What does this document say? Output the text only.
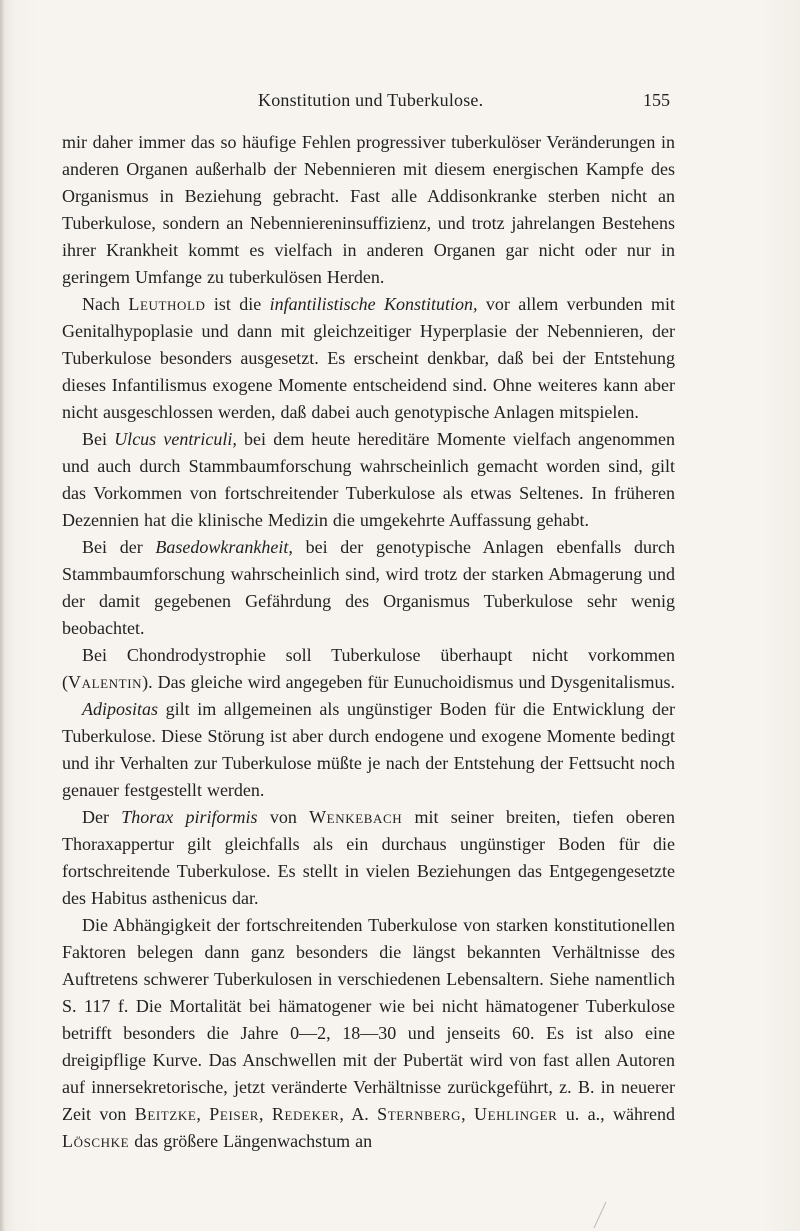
Konstitution und Tuberkulose.	155

mir daher immer das so häufige Fehlen progressiver tuberkulöser Veränderungen in anderen Organen außerhalb der Nebennieren mit diesem energischen Kampfe des Organismus in Beziehung gebracht. Fast alle Addisonkranke sterben nicht an Tuberkulose, sondern an Nebenniereninsuffizienz, und trotz jahrelangen Bestehens ihrer Krankheit kommt es vielfach in anderen Organen gar nicht oder nur in geringem Umfange zu tuberkulösen Herden.

Nach Leuthold ist die infantilistische Konstitution, vor allem verbunden mit Genitalhypoplasie und dann mit gleichzeitiger Hyperplasie der Nebennieren, der Tuberkulose besonders ausgesetzt. Es erscheint denkbar, daß bei der Entstehung dieses Infantilismus exogene Momente entscheidend sind. Ohne weiteres kann aber nicht ausgeschlossen werden, daß dabei auch genotypische Anlagen mitspielen.

Bei Ulcus ventriculi, bei dem heute hereditäre Momente vielfach angenommen und auch durch Stammbaumforschung wahrscheinlich gemacht worden sind, gilt das Vorkommen von fortschreitender Tuberkulose als etwas Seltenes. In früheren Dezennien hat die klinische Medizin die umgekehrte Auffassung gehabt.

Bei der Basedowkrankheit, bei der genotypische Anlagen ebenfalls durch Stammbaumforschung wahrscheinlich sind, wird trotz der starken Abmagerung und der damit gegebenen Gefährdung des Organismus Tuberkulose sehr wenig beobachtet.

Bei Chondrodystrophie soll Tuberkulose überhaupt nicht vorkommen (Valentin). Das gleiche wird angegeben für Eunuchoidismus und Dysgenitalismus.

Adipositas gilt im allgemeinen als ungünstiger Boden für die Entwicklung der Tuberkulose. Diese Störung ist aber durch endogene und exogene Momente bedingt und ihr Verhalten zur Tuberkulose müßte je nach der Entstehung der Fettsucht noch genauer festgestellt werden.

Der Thorax piriformis von Wenkebach mit seiner breiten, tiefen oberen Thoraxappertur gilt gleichfalls als ein durchaus ungünstiger Boden für die fortschreitende Tuberkulose. Es stellt in vielen Beziehungen das Entgegengesetzte des Habitus asthenicus dar.

Die Abhängigkeit der fortschreitenden Tuberkulose von starken konstitutionellen Faktoren belegen dann ganz besonders die längst bekannten Verhältnisse des Auftretens schwerer Tuberkulosen in verschiedenen Lebensaltern. Siehe namentlich S. 117 f. Die Mortalität bei hämatogener wie bei nicht hämatogener Tuberkulose betrifft besonders die Jahre 0—2, 18—30 und jenseits 60. Es ist also eine dreigipflige Kurve. Das Anschwellen mit der Pubertät wird von fast allen Autoren auf innersekretorische, jetzt veränderte Verhältnisse zurückgeführt, z. B. in neuerer Zeit von Beitzke, Peiser, Redeker, A. Sternberg, Uehlinger u. a., während Löschke das größere Längenwachstum an
